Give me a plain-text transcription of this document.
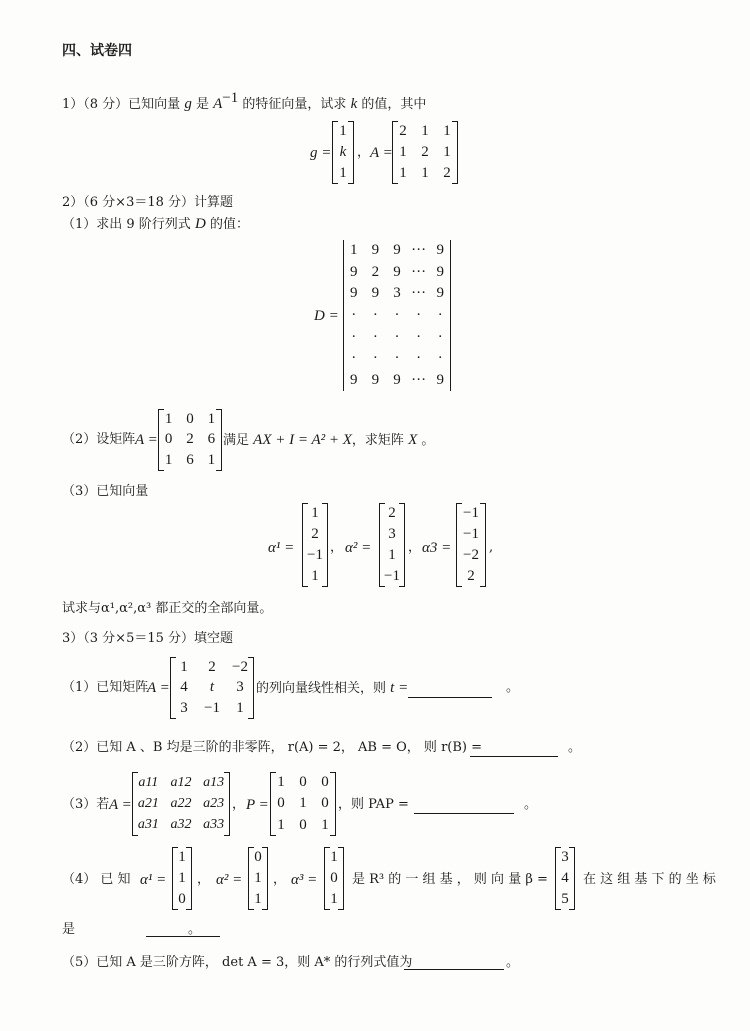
四、试卷四
1）（8 分）已知向量 g 是 $A^{-1}$ 的特征向量，试求 k 的值，其中
g =
1
k
1
， A =
2 1 1
1 2 1
1 1 2
2）（6 分×3＝18 分）计算题
（1）求出 9 阶行列式 D 的值：
D =
1 9 9 ··· 9
9 2 9 ··· 9
9 9 3 ··· 9
· · · · ·
· · · · ·
· · · · ·
9 9 9 ··· 9
（2）设矩阵 A =
1 0 1
0 2 6
1 6 1
满足 AX + I = A² + X，求矩阵 X 。
（3）已知向量
α¹ =
1
2
−1
1
， α² =
2
3
1
−1
， α3 =
−1
−1
−2
2
,
试求与α¹,α²,α³ 都正交的全部向量。
3）（3 分×5＝15 分）填空题
（1）已知矩阵
A =
1 2 −2
4 t 3
3 −1 1
的列向量线性相关，则 t =	。
（2）已知 A 、B 均是三阶的非零阵， r(A) = 2， AB = O， 则 r(B) =	。
（3）若 A =
a11 a12 a13
a21 a22 a23
a31 a32 a33
， P =
1 0 0
0 1 0
1 0 1
，则 PAP =	。
（4） 已 知 α¹ =
1
1
0
， α² =
0
1
1
， α³ =
1
0
1
是 R³ 的 一 组 基 ， 则 向 量 β =
3
4
5
在 这 组 基 下 的 坐 标
是	。
（5）已知 A 是三阶方阵， det A = 3，则 A* 的行列式值为	。
